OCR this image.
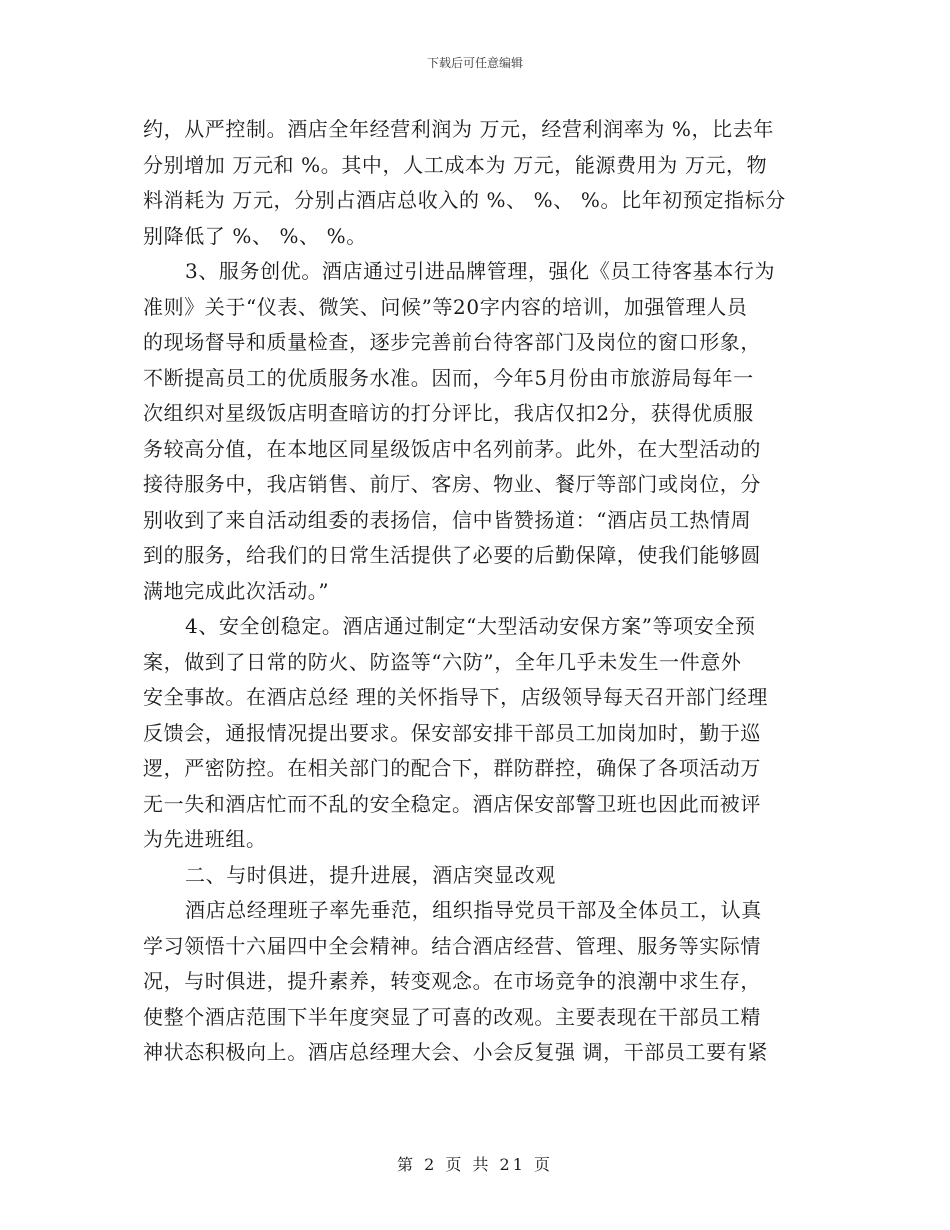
下载后可任意编辑
约，从严控制。酒店全年经营利润为 万元，经营利润率为 %，比去年
分别增加 万元和 %。其中，人工成本为 万元，能源费用为 万元，物
料消耗为 万元，分别占酒店总收入的 %、 %、 %。比年初预定指标分
别降低了 %、 %、 %。
3、服务创优。酒店通过引进品牌管理，强化《员工待客基本行为
准则》关于“仪表、微笑、问候”等20字内容的培训，加强管理人员
的现场督导和质量检查，逐步完善前台待客部门及岗位的窗口形象，
不断提高员工的优质服务水准。因而，今年5月份由市旅游局每年一
次组织对星级饭店明查暗访的打分评比，我店仅扣2分，获得优质服
务较高分值，在本地区同星级饭店中名列前茅。此外，在大型活动的
接待服务中，我店销售、前厅、客房、物业、餐厅等部门或岗位，分
别收到了来自活动组委的表扬信，信中皆赞扬道：“酒店员工热情周
到的服务，给我们的日常生活提供了必要的后勤保障，使我们能够圆
满地完成此次活动。”
4、安全创稳定。酒店通过制定“大型活动安保方案”等项安全预
案，做到了日常的防火、防盗等“六防”，全年几乎未发生一件意外
安全事故。在酒店总经 理的关怀指导下，店级领导每天召开部门经理
反馈会，通报情况提出要求。保安部安排干部员工加岗加时，勤于巡
逻，严密防控。在相关部门的配合下，群防群控，确保了各项活动万
无一失和酒店忙而不乱的安全稳定。酒店保安部警卫班也因此而被评
为先进班组。
二、与时俱进，提升进展，酒店突显改观
酒店总经理班子率先垂范，组织指导党员干部及全体员工，认真
学习领悟十六届四中全会精神。结合酒店经营、管理、服务等实际情
况，与时俱进，提升素养，转变观念。在市场竞争的浪潮中求生存，
使整个酒店范围下半年度突显了可喜的改观。主要表现在干部员工精
神状态积极向上。酒店总经理大会、小会反复强 调，干部员工要有紧
第 2 页 共 21 页
